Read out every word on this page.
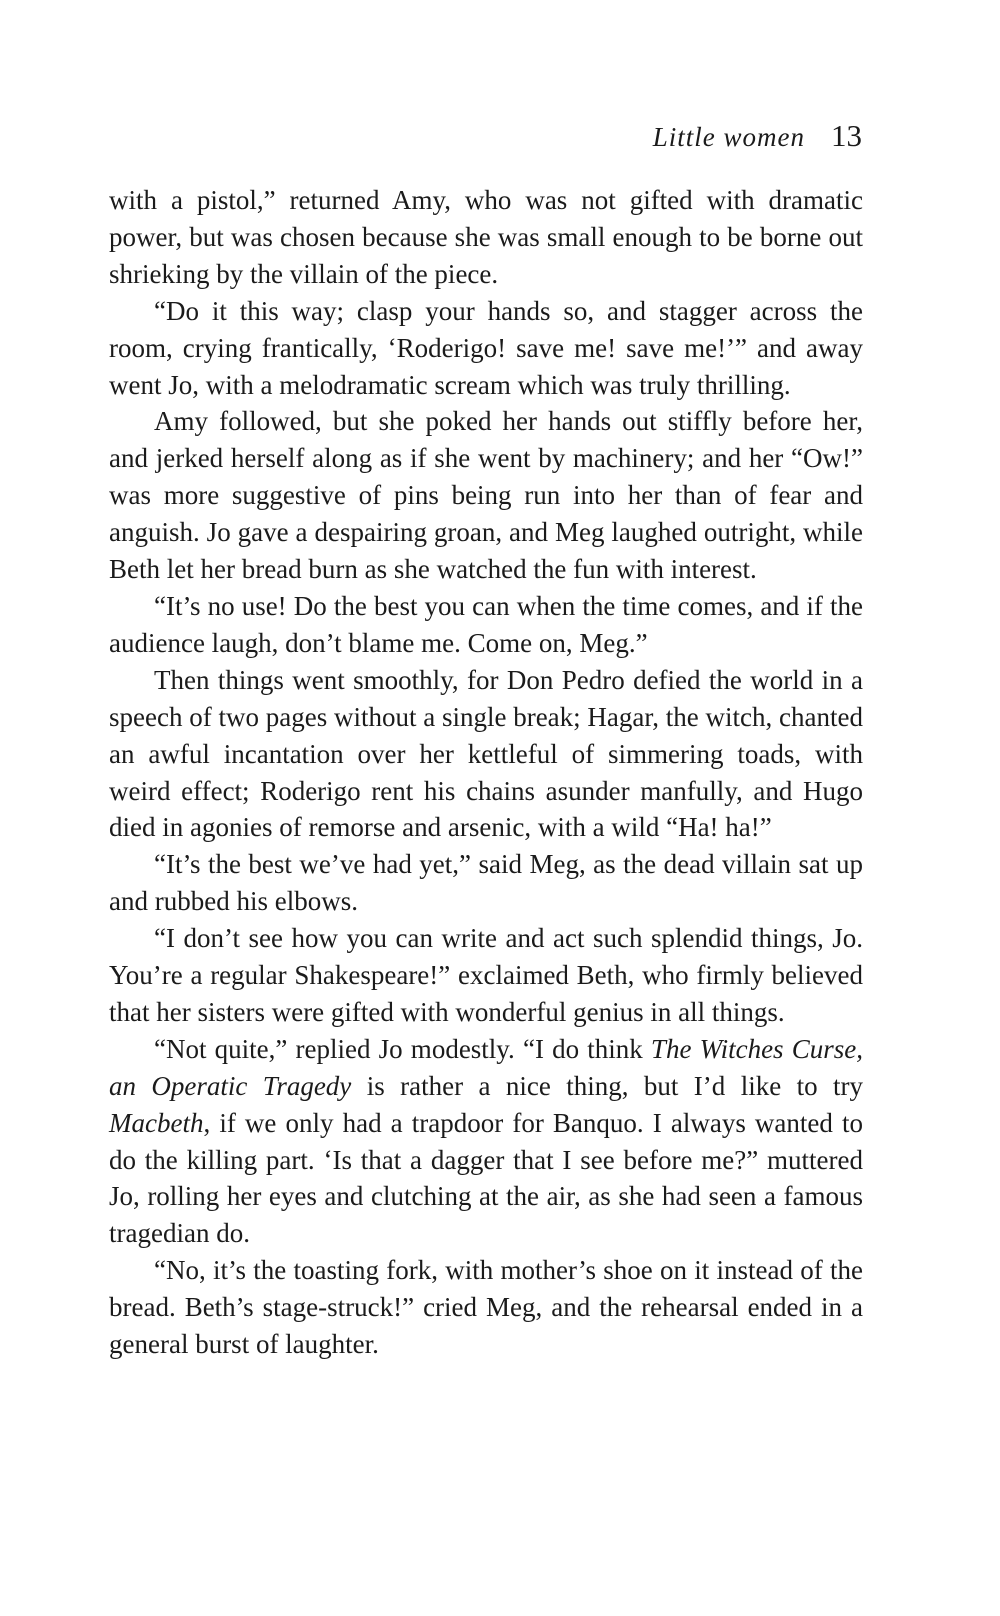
Little women 13

with a pistol,” returned Amy, who was not gifted with dramatic power, but was chosen because she was small enough to be borne out shrieking by the villain of the piece.

“Do it this way; clasp your hands so, and stagger across the room, crying frantically, ‘Roderigo! save me! save me!’” and away went Jo, with a melodramatic scream which was truly thrilling.

Amy followed, but she poked her hands out stiffly before her, and jerked herself along as if she went by machinery; and her “Ow!” was more suggestive of pins being run into her than of fear and anguish. Jo gave a despairing groan, and Meg laughed outright, while Beth let her bread burn as she watched the fun with interest.

“It’s no use! Do the best you can when the time comes, and if the audience laugh, don’t blame me. Come on, Meg.”

Then things went smoothly, for Don Pedro defied the world in a speech of two pages without a single break; Hagar, the witch, chanted an awful incantation over her kettleful of simmering toads, with weird effect; Roderigo rent his chains asunder manfully, and Hugo died in agonies of remorse and arsenic, with a wild “Ha! ha!”

“It’s the best we’ve had yet,” said Meg, as the dead villain sat up and rubbed his elbows.

“I don’t see how you can write and act such splendid things, Jo. You’re a regular Shakespeare!” exclaimed Beth, who firmly believed that her sisters were gifted with wonderful genius in all things.

“Not quite,” replied Jo modestly. “I do think The Witches Curse, an Operatic Tragedy is rather a nice thing, but I’d like to try Macbeth, if we only had a trapdoor for Banquo. I always wanted to do the killing part. ‘Is that a dagger that I see before me?” muttered Jo, rolling her eyes and clutching at the air, as she had seen a famous tragedian do.

“No, it’s the toasting fork, with mother’s shoe on it instead of the bread. Beth’s stage-struck!” cried Meg, and the rehearsal ended in a general burst of laughter.
